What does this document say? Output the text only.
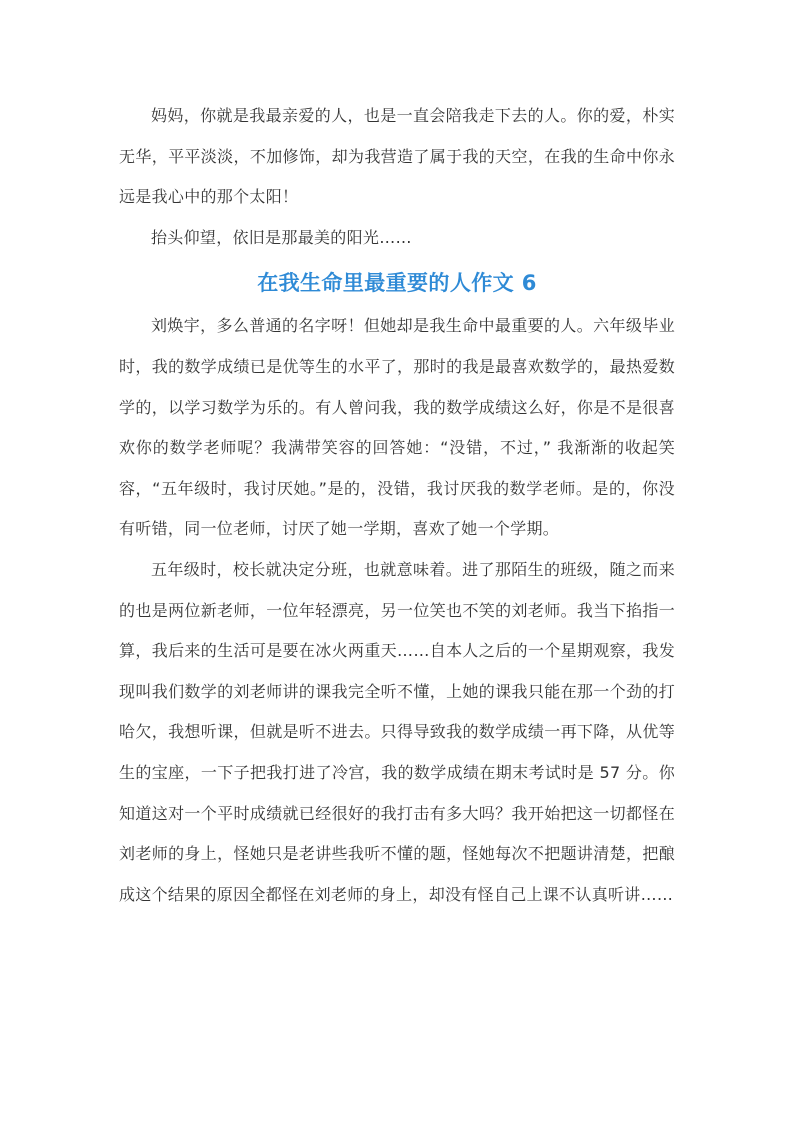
妈妈，你就是我最亲爱的人，也是一直会陪我走下去的人。你的爱，朴实无华，平平淡淡，不加修饰，却为我营造了属于我的天空，在我的生命中你永远是我心中的那个太阳！

抬头仰望，依旧是那最美的阳光……

在我生命里最重要的人作文 6

刘焕宇，多么普通的名字呀！但她却是我生命中最重要的人。六年级毕业时，我的数学成绩已是优等生的水平了，那时的我是最喜欢数学的，最热爱数学的，以学习数学为乐的。有人曾问我，我的数学成绩这么好，你是不是很喜欢你的数学老师呢？我满带笑容的回答她：“没错，不过，” 我渐渐的收起笑容，“五年级时，我讨厌她。”是的，没错，我讨厌我的数学老师。是的，你没有听错，同一位老师，讨厌了她一学期，喜欢了她一个学期。

五年级时，校长就决定分班，也就意味着。进了那陌生的班级，随之而来的也是两位新老师，一位年轻漂亮，另一位笑也不笑的刘老师。我当下掐指一算，我后来的生活可是要在冰火两重天……自本人之后的一个星期观察，我发现叫我们数学的刘老师讲的课我完全听不懂，上她的课我只能在那一个劲的打哈欠，我想听课，但就是听不进去。只得导致我的数学成绩一再下降，从优等生的宝座，一下子把我打进了冷宫，我的数学成绩在期末考试时是 57 分。你知道这对一个平时成绩就已经很好的我打击有多大吗？我开始把这一切都怪在刘老师的身上，怪她只是老讲些我听不懂的题，怪她每次不把题讲清楚，把酿成这个结果的原因全都怪在刘老师的身上，却没有怪自己上课不认真听讲……
